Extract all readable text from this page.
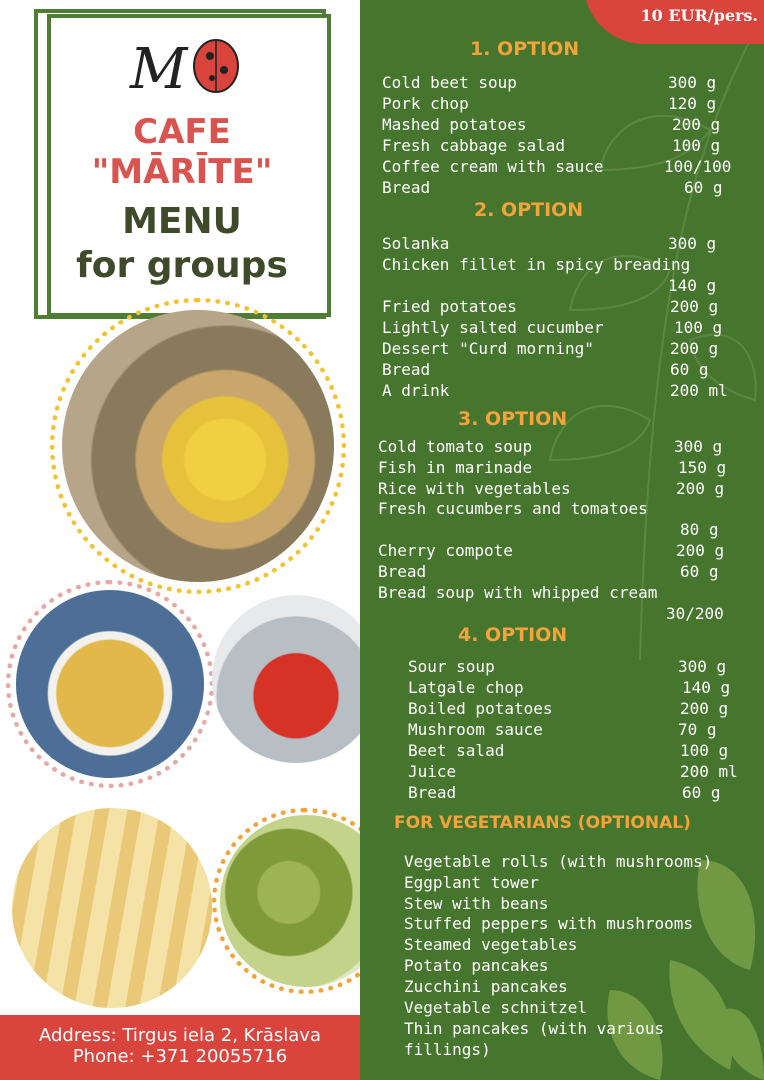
M
CAFE
"MĀRĪTE"
MENU
for groups
Address: Tirgus iela 2, Krāslava
Phone: +371 20055716
10 EUR/pers.
1. OPTION
Cold beet soup	300 g
Pork chop	120 g
Mashed potatoes	200 g
Fresh cabbage salad	100 g
Coffee cream with sauce	100/100
Bread	60 g
2. OPTION
Solanka	300 g
Chicken fillet in spicy breading
140 g
Fried potatoes	200 g
Lightly salted cucumber	100 g
Dessert "Curd morning"	200 g
Bread	60 g
A drink	200 ml
3. OPTION
Cold tomato soup	300 g
Fish in marinade	150 g
Rice with vegetables	200 g
Fresh cucumbers and tomatoes
80 g
Cherry compote	200 g
Bread	60 g
Bread soup with whipped cream
30/200
4. OPTION
Sour soup	300 g
Latgale chop	140 g
Boiled potatoes	200 g
Mushroom sauce	70 g
Beet salad	100 g
Juice	200 ml
Bread	60 g
FOR VEGETARIANS (OPTIONAL)
Vegetable rolls (with mushrooms)
Eggplant tower
Stew with beans
Stuffed peppers with mushrooms
Steamed vegetables
Potato pancakes
Zucchini pancakes
Vegetable schnitzel
Thin pancakes (with various
fillings)
